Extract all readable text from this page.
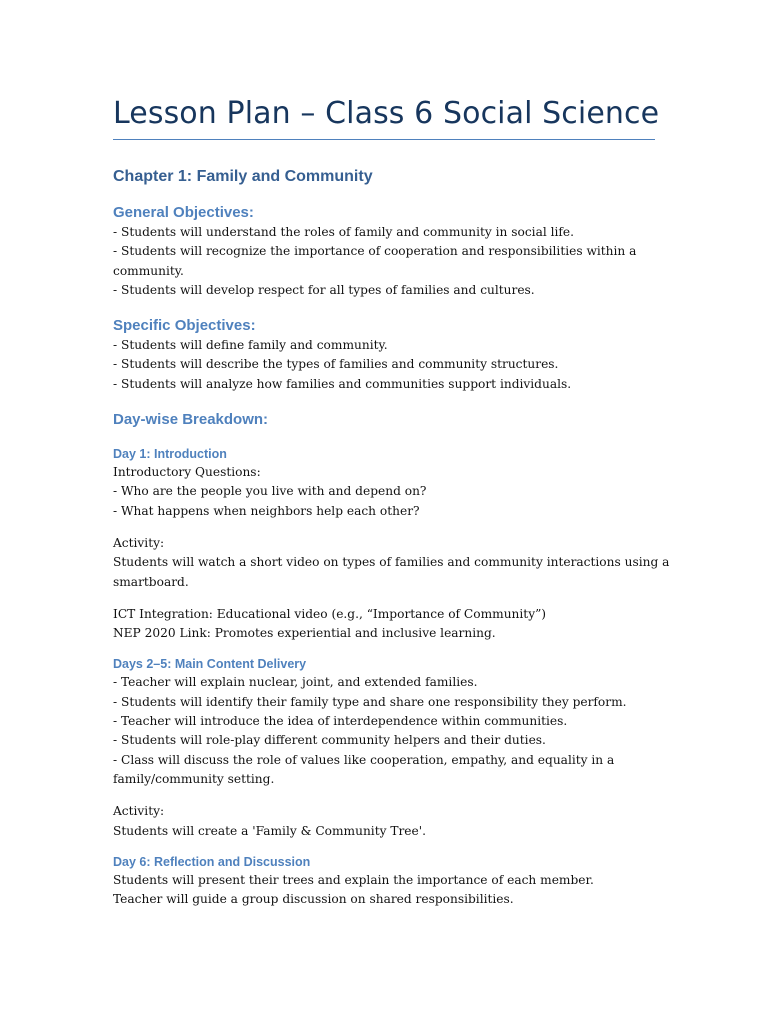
Lesson Plan – Class 6 Social Science
Chapter 1: Family and Community
General Objectives:

- Students will understand the roles of family and community in social life.

- Students will recognize the importance of cooperation and responsibilities within a

community.

- Students will develop respect for all types of families and cultures.

Specific Objectives:

- Students will define family and community.

- Students will describe the types of families and community structures.

- Students will analyze how families and communities support individuals.

Day-wise Breakdown:
Day 1: Introduction

Introductory Questions:

- Who are the people you live with and depend on?

- What happens when neighbors help each other?

Activity:

Students will watch a short video on types of families and community interactions using a

smartboard.

ICT Integration: Educational video (e.g., “Importance of Community”)

NEP 2020 Link: Promotes experiential and inclusive learning.

Days 2–5: Main Content Delivery

- Teacher will explain nuclear, joint, and extended families.

- Students will identify their family type and share one responsibility they perform.

- Teacher will introduce the idea of interdependence within communities.

- Students will role-play different community helpers and their duties.

- Class will discuss the role of values like cooperation, empathy, and equality in a

family/community setting.

Activity:

Students will create a 'Family & Community Tree'.

Day 6: Reflection and Discussion

Students will present their trees and explain the importance of each member.

Teacher will guide a group discussion on shared responsibilities.
